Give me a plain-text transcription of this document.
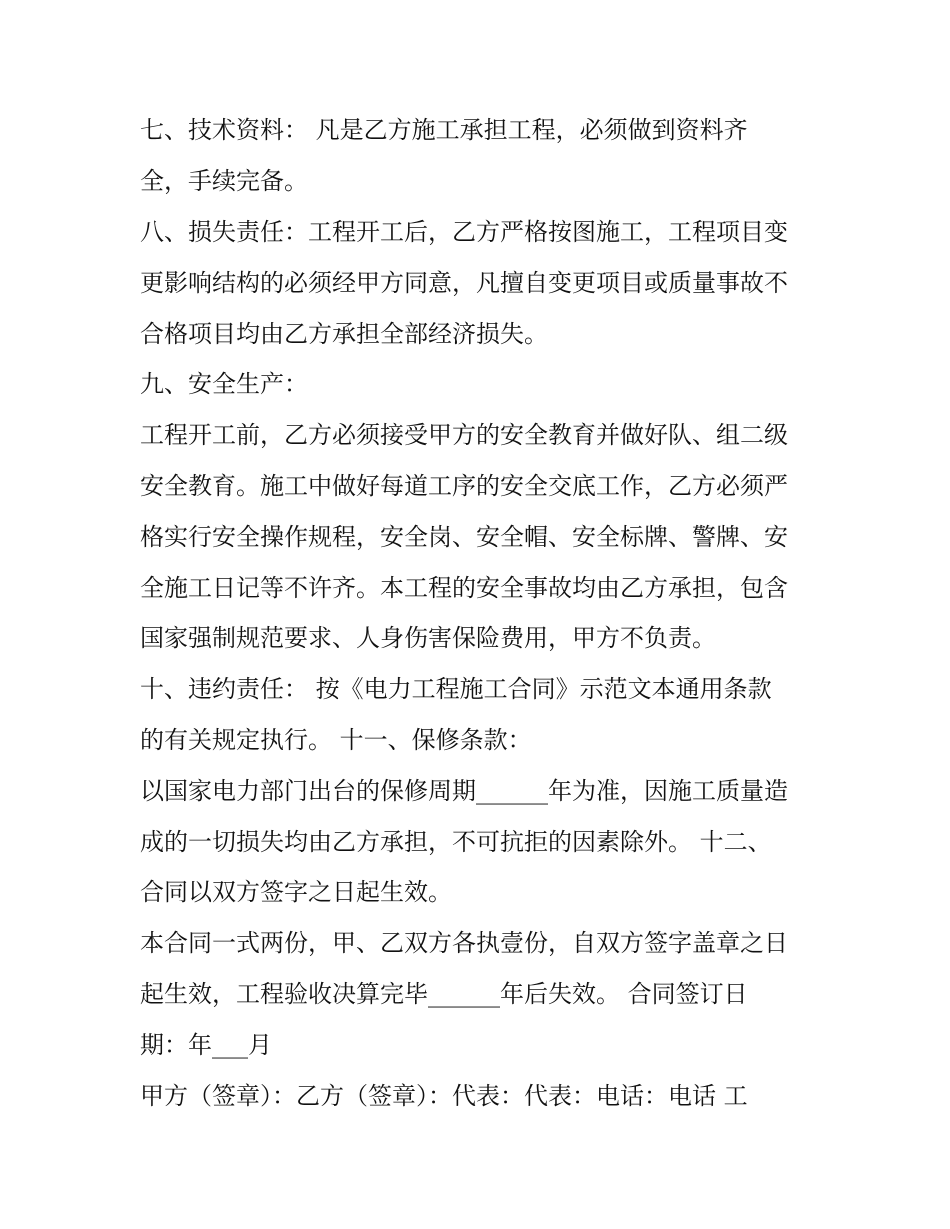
七、技术资料： 凡是乙方施工承担工程，必须做到资料齐
全，手续完备。
八、损失责任：工程开工后，乙方严格按图施工，工程项目变
更影响结构的必须经甲方同意，凡擅自变更项目或质量事故不
合格项目均由乙方承担全部经济损失。
九、安全生产：
工程开工前，乙方必须接受甲方的安全教育并做好队、组二级
安全教育。施工中做好每道工序的安全交底工作，乙方必须严
格实行安全操作规程，安全岗、安全帽、安全标牌、警牌、安
全施工日记等不许齐。本工程的安全事故均由乙方承担，包含
国家强制规范要求、人身伤害保险费用，甲方不负责。
十、违约责任： 按《电力工程施工合同》示范文本通用条款
的有关规定执行。 十一、保修条款：
以国家电力部门出台的保修周期______年为准，因施工质量造
成的一切损失均由乙方承担，不可抗拒的因素除外。 十二、
合同以双方签字之日起生效。
本合同一式两份，甲、乙双方各执壹份，自双方签字盖章之日
起生效，工程验收决算完毕______年后失效。 合同签订日
期：年___月
甲方（签章）：乙方（签章）：代表：代表：电话：电话 工
